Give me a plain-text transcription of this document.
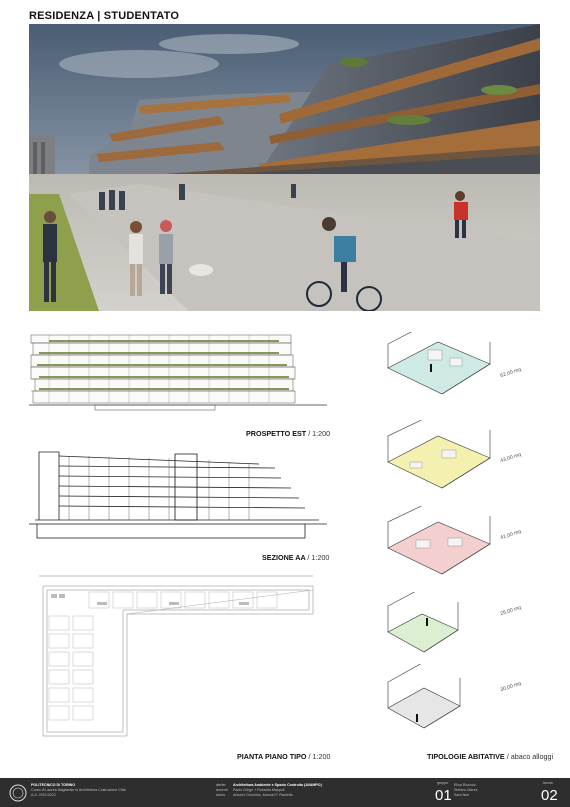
RESIDENZA | STUDENTATO
PROSPETTO EST / 1:200
SEZIONE AA / 1:200
PIANTA PIANO TIPO / 1:200
62,00 mq
43,00 mq
41,00 mq
25,00 mq
30,00 mq
TIPOLOGIE ABITATIVE / abaco alloggi
POLITECNICO DI TORINO
Corso di Laurea Magistrale in Architettura Costruzione Città
A.A. 2021/2022
atelier Architettura Ambiente e Spazio Costruito (AVAMPO)
docenti Paolo Grego + Rossella Maspoli
tutors Antonio Gironimo, Manuel F. Ramella
gruppo
01
Elisa Rozzolo
Stefano Mares
Sara Neri
tavola
02
